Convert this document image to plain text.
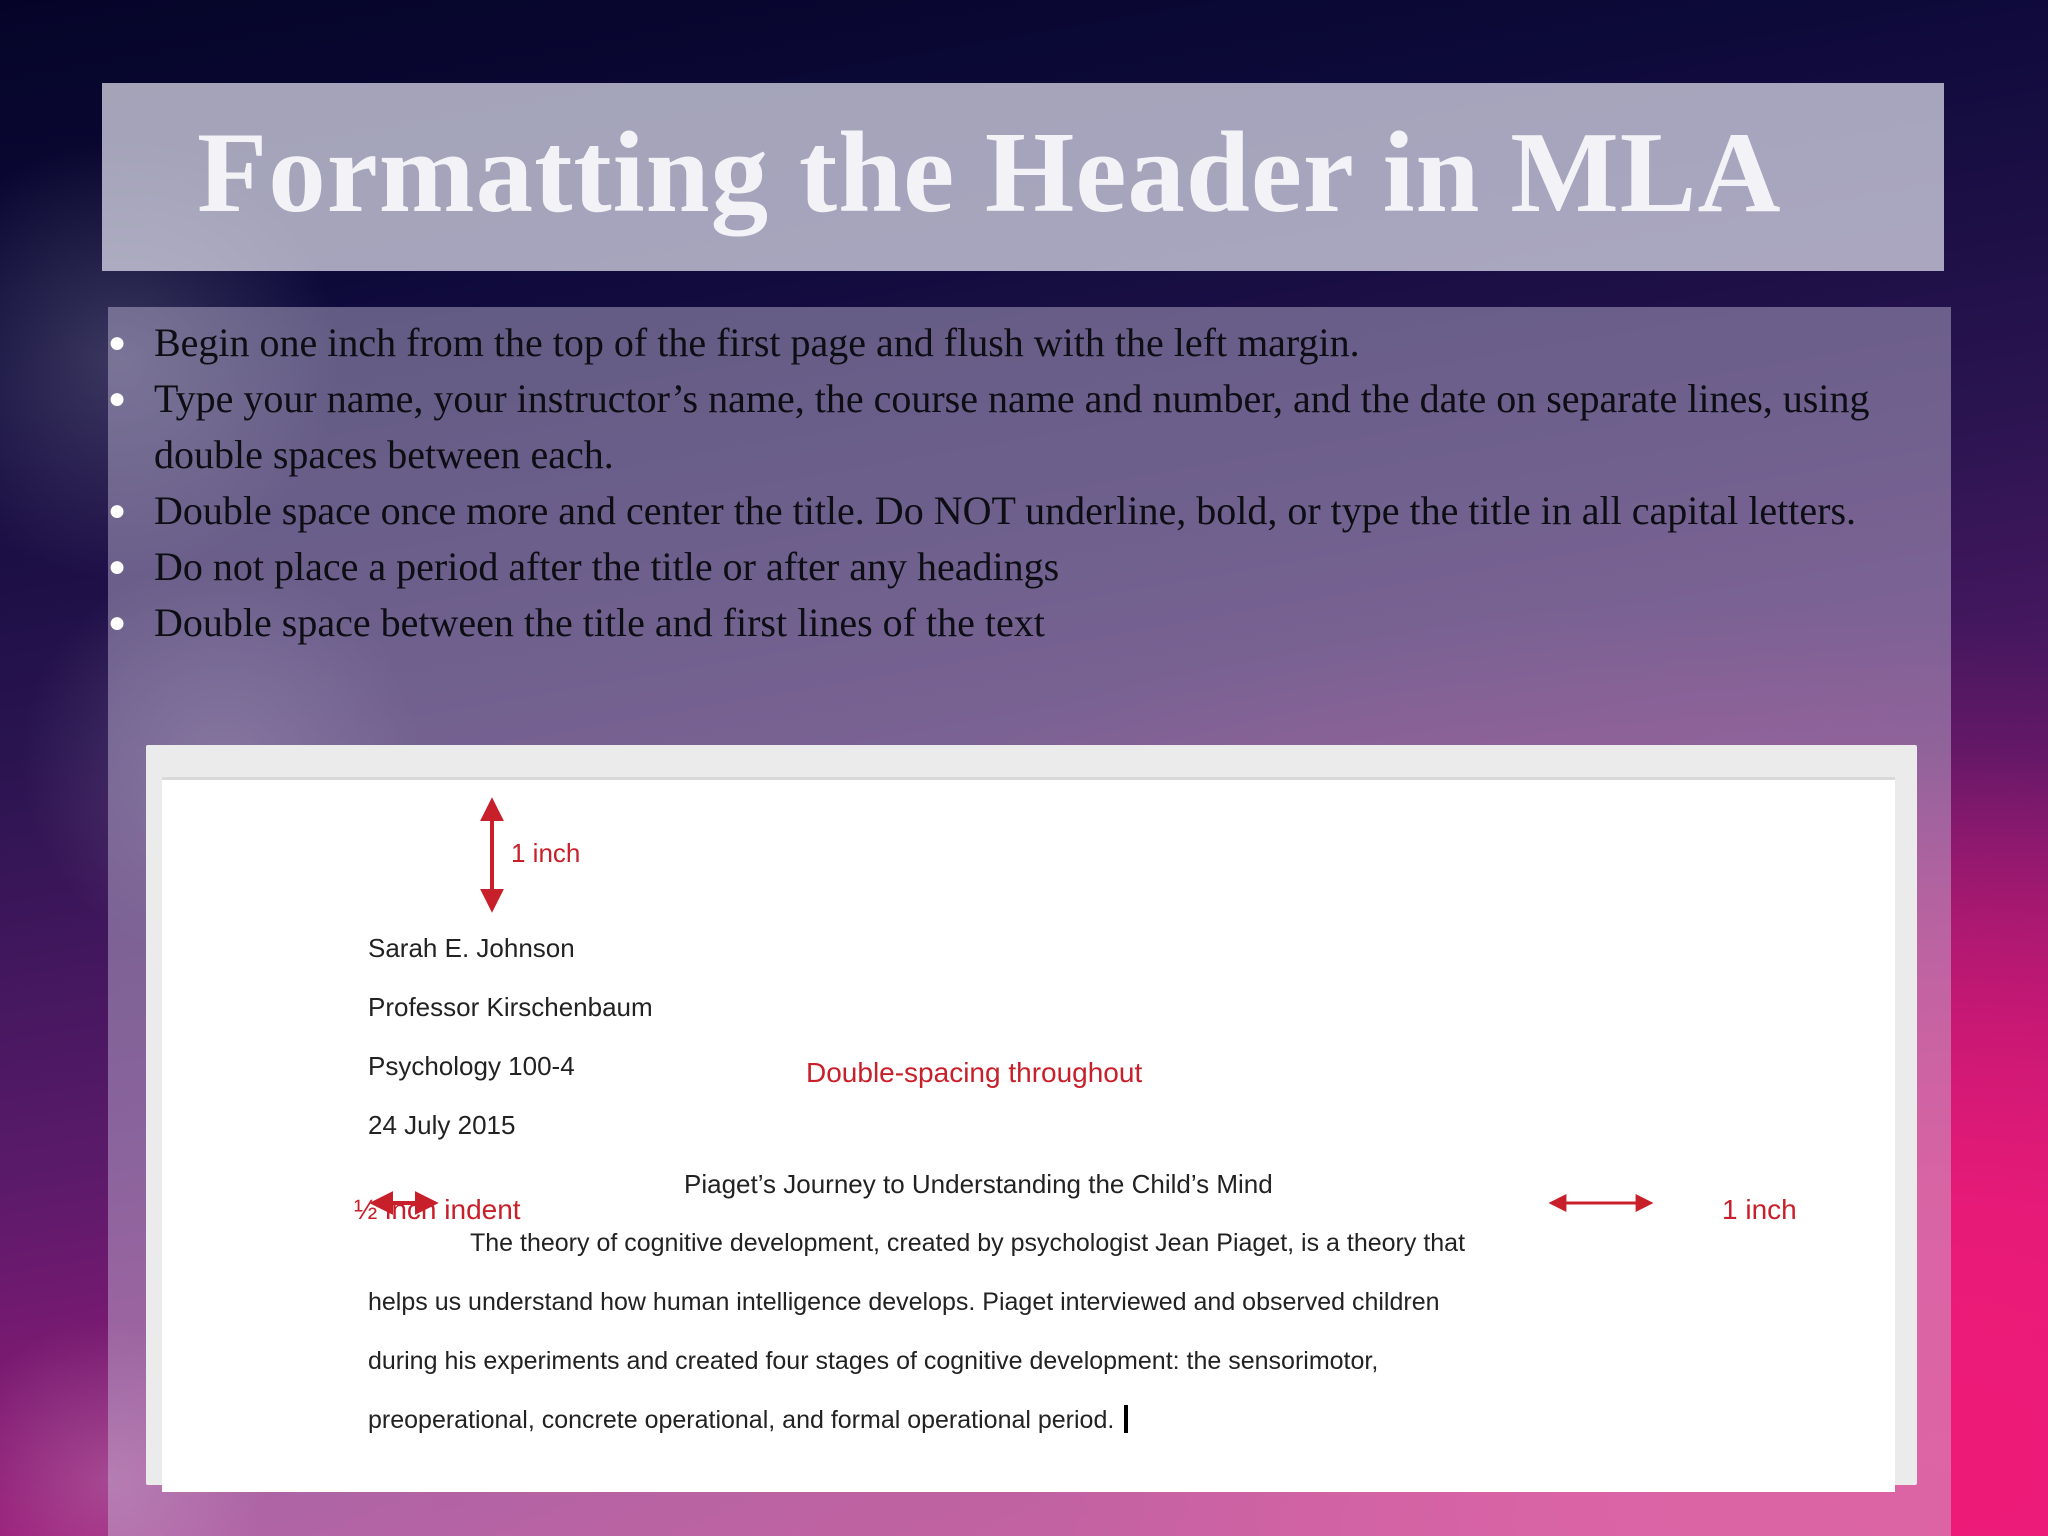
Formatting the Header in MLA
● Begin one inch from the top of the first page and flush with the left margin.
● Type your name, your instructor’s name, the course name and number, and the date on separate lines, using double spaces between each.
● Double space once more and center the title. Do NOT underline, bold, or type the title in all capital letters.
● Do not place a period after the title or after any headings
● Double space between the title and first lines of the text
1 inch
Sarah E. Johnson
Professor Kirschenbaum
Psychology 100-4
24 July 2015
Double-spacing throughout
Piaget’s Journey to Understanding the Child’s Mind
½ inch indent	1 inch
The theory of cognitive development, created by psychologist Jean Piaget, is a theory that
helps us understand how human intelligence develops. Piaget interviewed and observed children
during his experiments and created four stages of cognitive development: the sensorimotor,
preoperational, concrete operational, and formal operational period.
